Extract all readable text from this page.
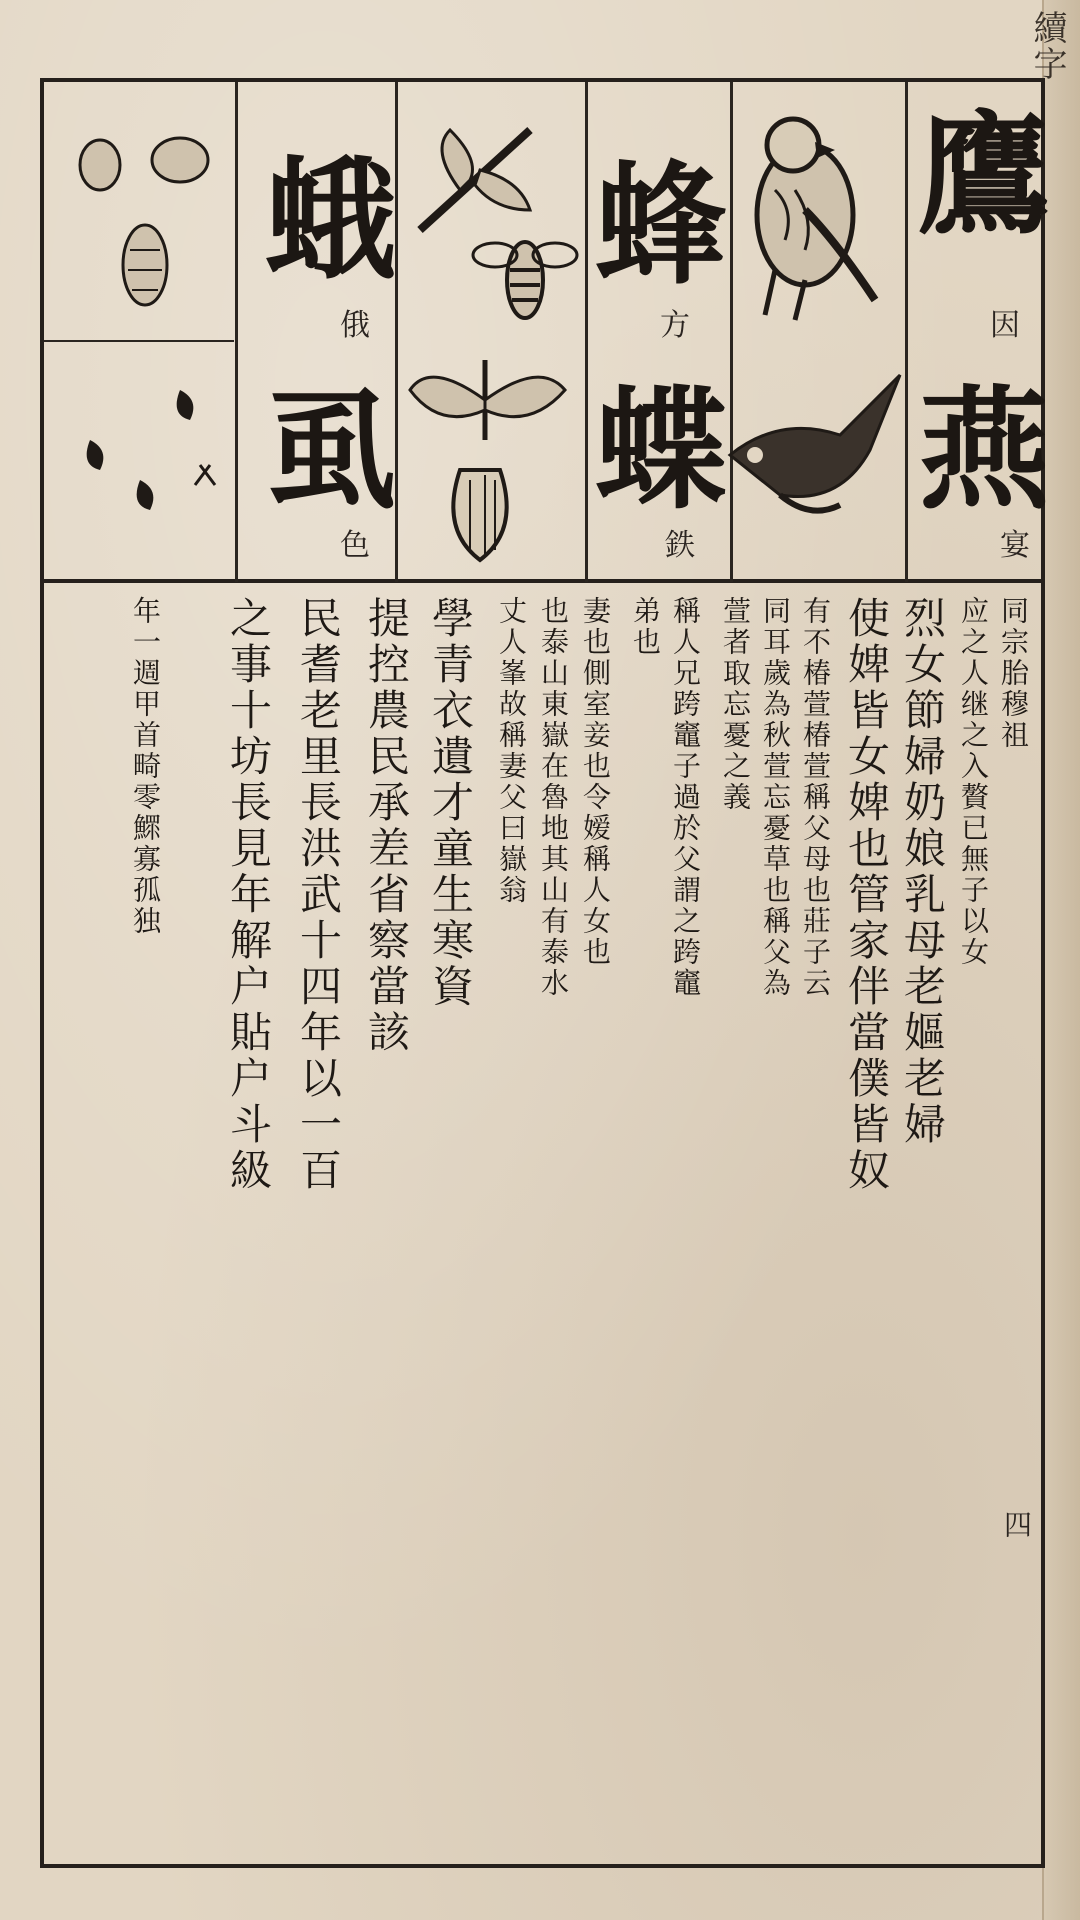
續字
鷹
因
燕
宴
蜂
方
蝶
鉄
蛾
俄
虱
色
同宗胎穆祖
应之人继之入贅已無子以女
烈女節婦奶娘乳母老嫗老婦
使婢皆女婢也管家伴當僕皆奴
有不椿萱椿萱稱父母也莊子云
同耳歲為秋萱忘憂草也稱父為
萱者取忘憂之義
稱人兄跨竈子過於父謂之跨竈
弟也
妻也側室妾也令嫒稱人女也
也泰山東嶽在魯地其山有泰水
丈人峯故稱妻父曰嶽翁
學青衣遺才童生寒資
提控農民承差省察當該
民耆老里長洪武十四年以一百
之事十坊長見年解户貼户斗級
年一週甲首畸零鰥寡孤独
四
